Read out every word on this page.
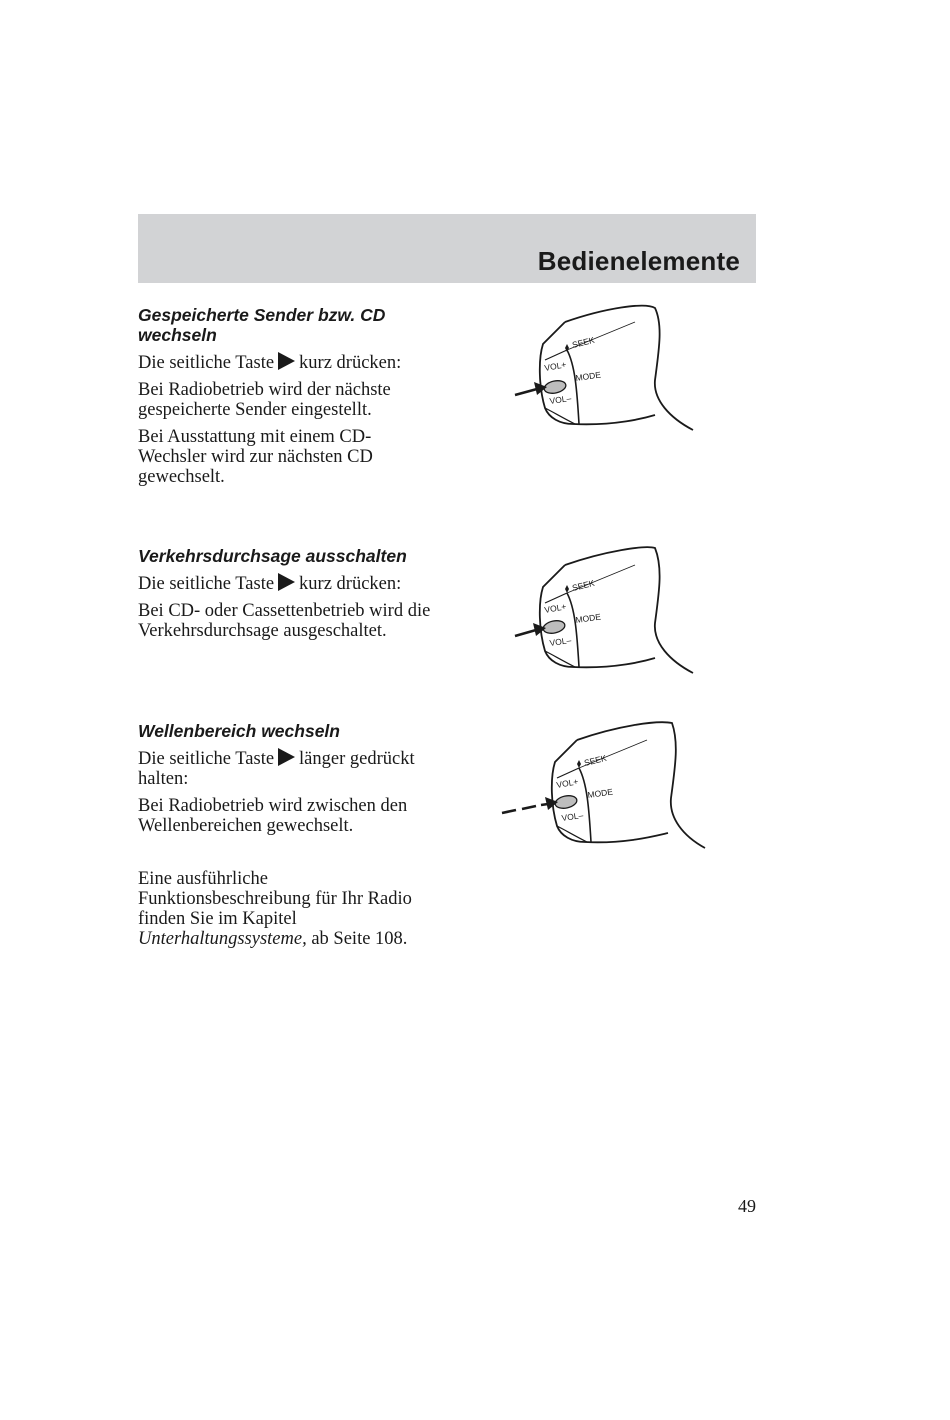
Bedienelemente
Gespeicherte Sender bzw. CD wechseln
Die seitliche Taste kurz drücken:
Bei Radiobetrieb wird der nächste gespeicherte Sender eingestellt.
Bei Ausstattung mit einem CD-Wechsler wird zur nächsten CD gewechselt.
Verkehrsdurchsage ausschalten
Die seitliche Taste kurz drücken:
Bei CD- oder Cassettenbetrieb wird die Verkehrsdurchsage ausgeschaltet.
Wellenbereich wechseln
Die seitliche Taste länger gedrückt halten:
Bei Radiobetrieb wird zwischen den Wellenbereichen gewechselt.
Eine ausführliche Funktionsbeschreibung für Ihr Radio finden Sie im Kapitel Unterhaltungssysteme, ab Seite 108.
SEEK
VOL+
MODE
VOL–
SEEK
VOL+
MODE
VOL–
SEEK
VOL+
MODE
VOL–
49
